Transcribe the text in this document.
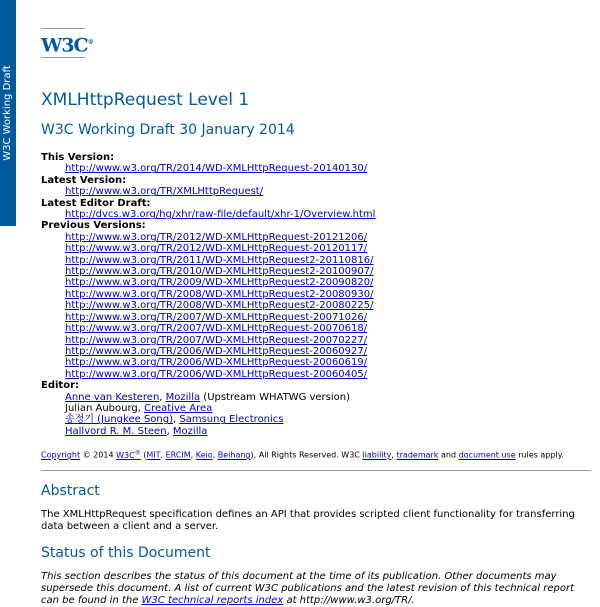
W3C Working Draft
W3C®
XMLHttpRequest Level 1
W3C Working Draft 30 January 2014
This Version:
http://www.w3.org/TR/2014/WD-XMLHttpRequest-20140130/
Latest Version:
http://www.w3.org/TR/XMLHttpRequest/
Latest Editor Draft:
http://dvcs.w3.org/hg/xhr/raw-file/default/xhr-1/Overview.html
Previous Versions:
http://www.w3.org/TR/2012/WD-XMLHttpRequest-20121206/
http://www.w3.org/TR/2012/WD-XMLHttpRequest-20120117/
http://www.w3.org/TR/2011/WD-XMLHttpRequest2-20110816/
http://www.w3.org/TR/2010/WD-XMLHttpRequest2-20100907/
http://www.w3.org/TR/2009/WD-XMLHttpRequest2-20090820/
http://www.w3.org/TR/2008/WD-XMLHttpRequest2-20080930/
http://www.w3.org/TR/2008/WD-XMLHttpRequest2-20080225/
http://www.w3.org/TR/2007/WD-XMLHttpRequest-20071026/
http://www.w3.org/TR/2007/WD-XMLHttpRequest-20070618/
http://www.w3.org/TR/2007/WD-XMLHttpRequest-20070227/
http://www.w3.org/TR/2006/WD-XMLHttpRequest-20060927/
http://www.w3.org/TR/2006/WD-XMLHttpRequest-20060619/
http://www.w3.org/TR/2006/WD-XMLHttpRequest-20060405/
Editor:
Anne van Kesteren, Mozilla (Upstream WHATWG version)
Julian Aubourg, Creative Area
송정기 (Jungkee Song), Samsung Electronics
Hallvord R. M. Steen, Mozilla

Copyright © 2014 W3C® (MIT, ERCIM, Keio, Beihang), All Rights Reserved. W3C liability, trademark and document use rules apply.

Abstract

The XMLHttpRequest specification defines an API that provides scripted client functionality for transferring data between a client and a server.

Status of this Document

This section describes the status of this document at the time of its publication. Other documents may supersede this document. A list of current W3C publications and the latest revision of this technical report can be found in the W3C technical reports index at http://www.w3.org/TR/.
